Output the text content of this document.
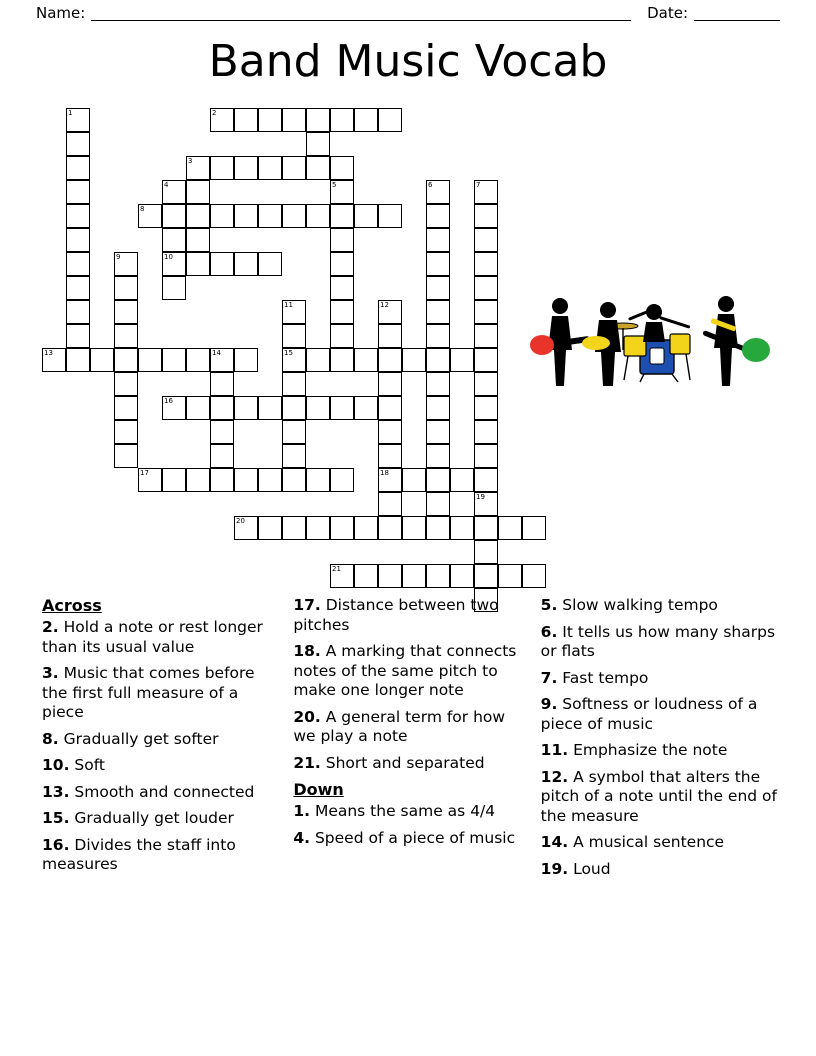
Name:	Date:
Band Music Vocab
1	2
3
4	5	6	7
8
9	10
11	12
13	14	15
16
17	18
19
20
21
Across
2. Hold a note or rest longer than its usual value
3. Music that comes before the first full measure of a piece
8. Gradually get softer
10. Soft
13. Smooth and connected
15. Gradually get louder
16. Divides the staff into measures
17. Distance between two pitches
18. A marking that connects notes of the same pitch to make one longer note
20. A general term for how we play a note
21. Short and separated
Down
1. Means the same as 4/4
4. Speed of a piece of music
5. Slow walking tempo
6. It tells us how many sharps or flats
7. Fast tempo
9. Softness or loudness of a piece of music
11. Emphasize the note
12. A symbol that alters the pitch of a note until the end of the measure
14. A musical sentence
19. Loud
